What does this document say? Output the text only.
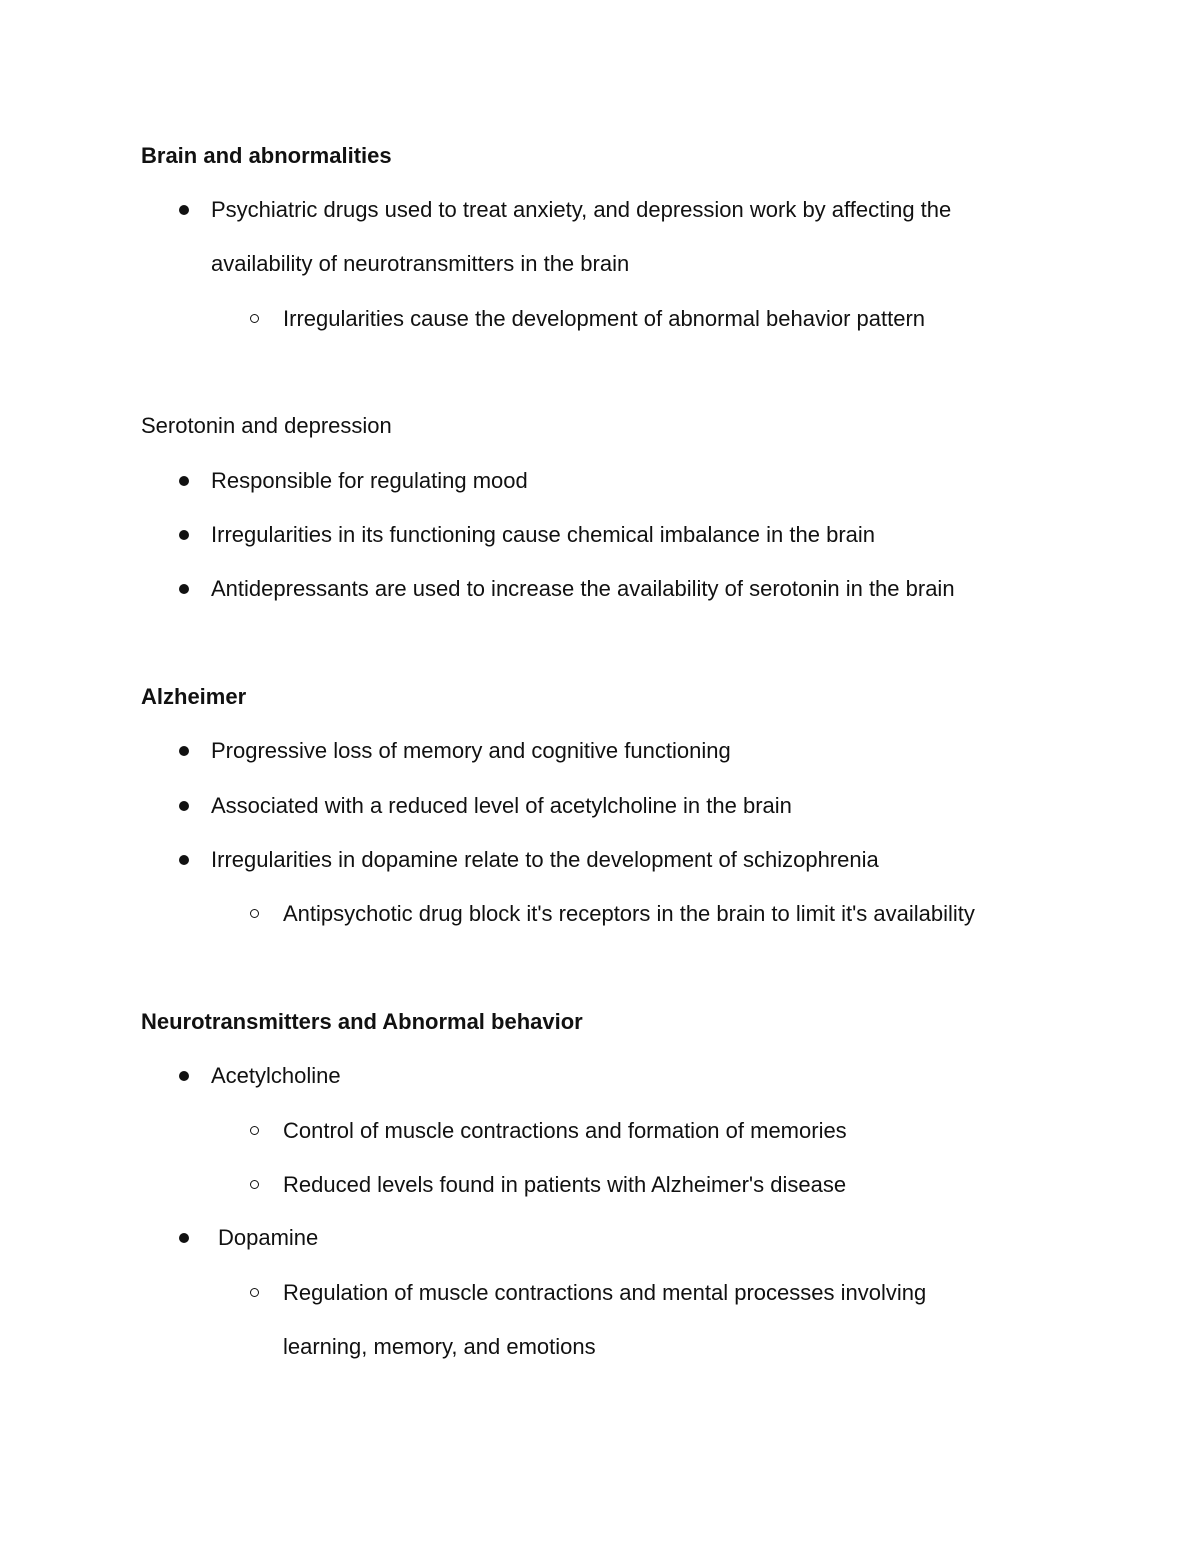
Brain and abnormalities
Psychiatric drugs used to treat anxiety, and depression work by affecting the
availability of neurotransmitters in the brain
Irregularities cause the development of abnormal behavior pattern
Serotonin and depression
Responsible for regulating mood
Irregularities in its functioning cause chemical imbalance in the brain
Antidepressants are used to increase the availability of serotonin in the brain
Alzheimer
Progressive loss of memory and cognitive functioning
Associated with a reduced level of acetylcholine in the brain
Irregularities in dopamine relate to the development of schizophrenia
Antipsychotic drug block it's receptors in the brain to limit it's availability
Neurotransmitters and Abnormal behavior
Acetylcholine
Control of muscle contractions and formation of memories
Reduced levels found in patients with Alzheimer's disease
Dopamine
Regulation of muscle contractions and mental processes involving
learning, memory, and emotions
